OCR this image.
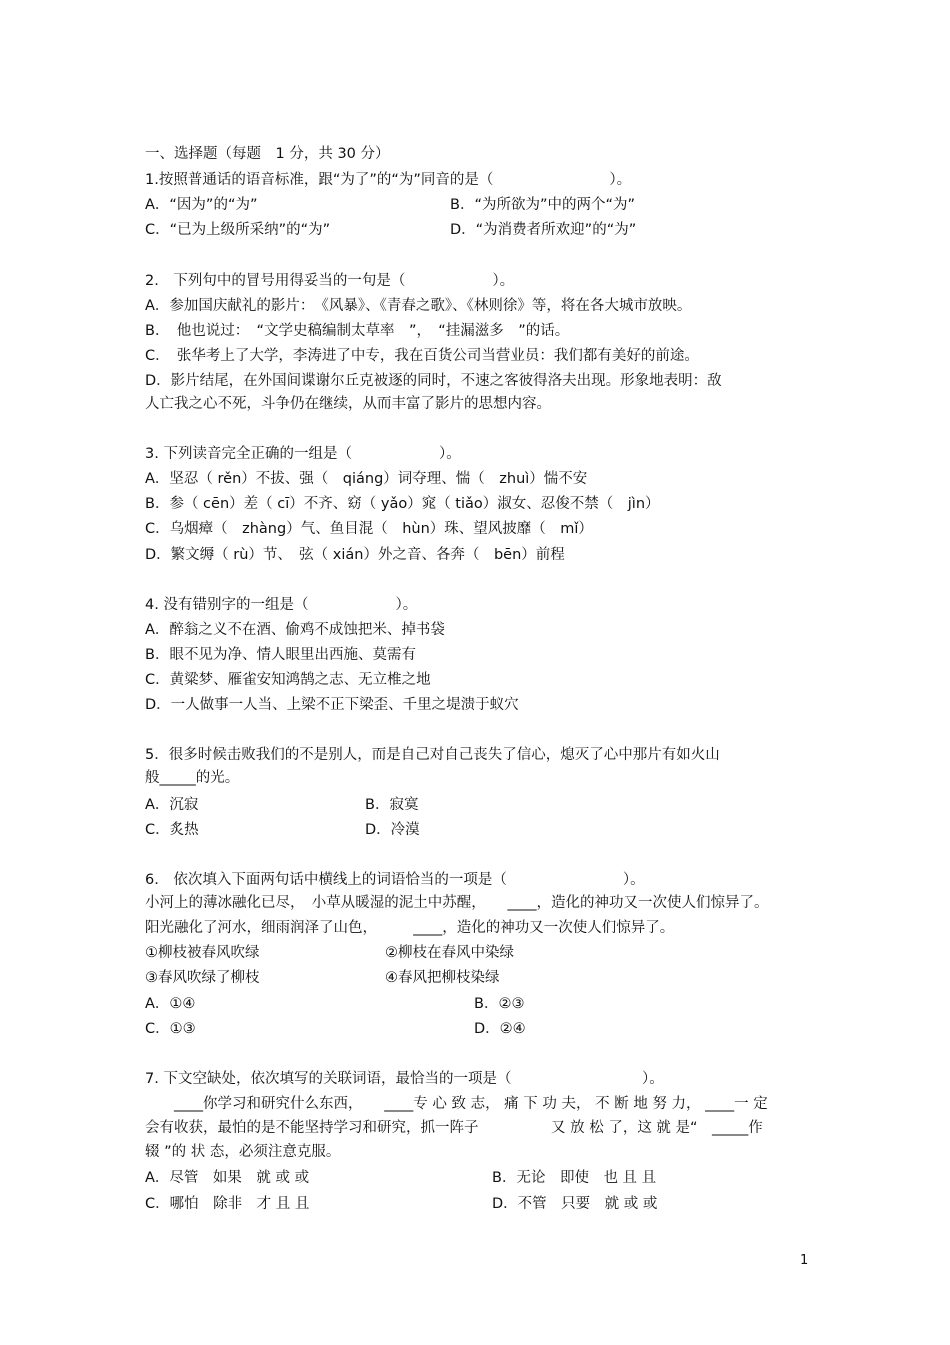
一、选择题（每题　1 分，共 30 分）
1.按照普通话的语音标准，跟“为了”的“为”同音的是（　　　　　　　　）。
A．“因为”的“为”	B．“为所欲为”中的两个“为”
C．“已为上级所采纳”的“为”	D．“为消费者所欢迎”的“为”
2.　下列句中的冒号用得妥当的一句是（　　　　　　）。
A．参加国庆献礼的影片：　《风暴》、《青春之歌》、《林则徐》等，将在各大城市放映。
B．　他也说过：　“文学史稿编制太草率　”，　“挂漏滋多　”的话。
C．　张华考上了大学，李涛进了中专，我在百货公司当营业员：我们都有美好的前途。
D．影片结尾，在外国间谍谢尔丘克被逐的同时，不速之客彼得洛夫出现。形象地表明：敌
人亡我之心不死，斗争仍在继续，从而丰富了影片的思想内容。
3. 下列读音完全正确的一组是（　　　　　　）。
A．坚忍（ rěn）不拔、强（　qiáng）词夺理、惴（　zhuì）惴不安
B．参（ cēn）差（ cī）不齐、窈（ yǎo）窕（ tiǎo）淑女、忍俊不禁（　jìn）
C．乌烟瘴（　zhàng）气、鱼目混（　hùn）珠、望风披靡（　mǐ）
D．繁文缛（ rù）节、　弦（ xián）外之音、各奔（　bēn）前程
4. 没有错别字的一组是（　　　　　　）。
A．醉翁之义不在酒、偷鸡不成蚀把米、掉书袋
B．眼不见为净、情人眼里出西施、莫需有
C．黄粱梦、雁雀安知鸿鹄之志、无立椎之地
D．一人做事一人当、上梁不正下梁歪、千里之堤溃于蚁穴
5．很多时候击败我们的不是别人，而是自己对自己丧失了信心，熄灭了心中那片有如火山
般_____的光。
A．沉寂	B．寂寞
C．炙热	D．冷漠
6.　依次填入下面两句话中横线上的词语恰当的一项是（　　　　　　　　）。
小河上的薄冰融化已尽，　小草从暖湿的泥土中苏醒，　　____，造化的神功又一次使人们惊异了。
阳光融化了河水，细雨润泽了山色，　　　____，造化的神功又一次使人们惊异了。
①柳枝被春风吹绿	②柳枝在春风中染绿
③春风吹绿了柳枝	④春风把柳枝染绿
A．①④	B．②③
C．①③	D．②④
7. 下文空缺处，依次填写的关联词语，最恰当的一项是（　　　　　　　　　）。
　　____你学习和研究什么东西，　　____专 心 致 志， 痛 下 功 夫， 不 断 地 努 力， ____一 定
会有收获，最怕的是不能坚持学习和研究，抓一阵子　　　　　又 放 松 了，这 就 是“　_____作
辍 ”的 状 态，必须注意克服。
A．尽管　如果　就 或 或	B．无论　即使　也 且 且
C．哪怕　除非　才 且 且	D．不管　只要　就 或 或
1
